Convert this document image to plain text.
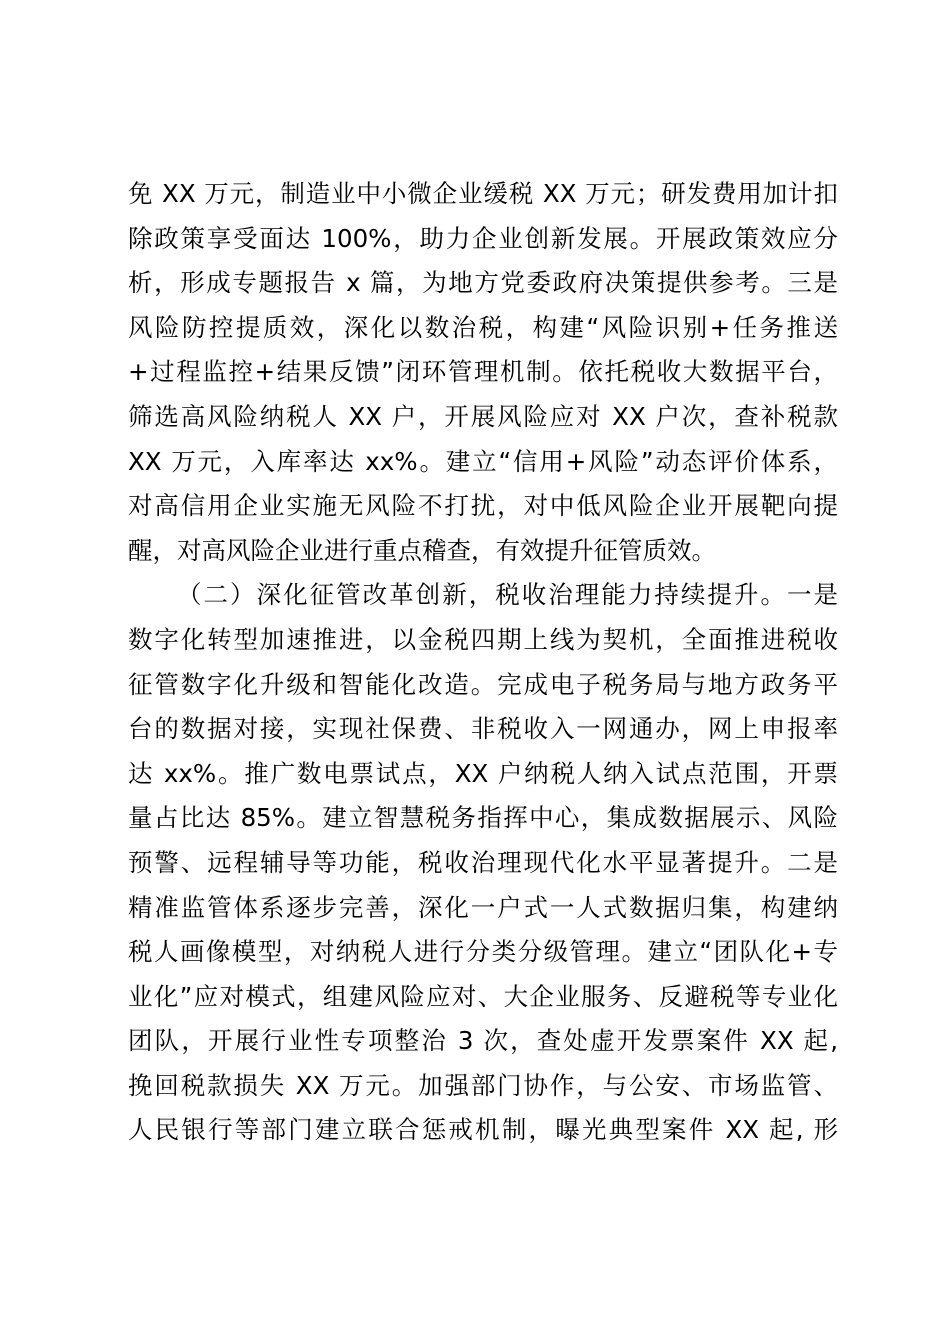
免 XX 万元，制造业中小微企业缓税 XX 万元；研发费用加计扣
除政策享受面达 100%，助力企业创新发展。开展政策效应分
析，形成专题报告 x 篇，为地方党委政府决策提供参考。三是
风险防控提质效，深化以数治税，构建“风险识别+任务推送
+过程监控+结果反馈”闭环管理机制。依托税收大数据平台，
筛选高风险纳税人 XX 户，开展风险应对 XX 户次，查补税款
XX 万元，入库率达 xx%。建立“信用+风险”动态评价体系，
对高信用企业实施无风险不打扰，对中低风险企业开展靶向提
醒，对高风险企业进行重点稽查，有效提升征管质效。
（二）深化征管改革创新，税收治理能力持续提升。一是
数字化转型加速推进，以金税四期上线为契机，全面推进税收
征管数字化升级和智能化改造。完成电子税务局与地方政务平
台的数据对接，实现社保费、非税收入一网通办，网上申报率
达 xx%。推广数电票试点，XX 户纳税人纳入试点范围，开票
量占比达 85%。建立智慧税务指挥中心，集成数据展示、风险
预警、远程辅导等功能，税收治理现代化水平显著提升。二是
精准监管体系逐步完善，深化一户式一人式数据归集，构建纳
税人画像模型，对纳税人进行分类分级管理。建立“团队化+专
业化”应对模式，组建风险应对、大企业服务、反避税等专业化
团队，开展行业性专项整治 3 次，查处虚开发票案件 XX 起,
挽回税款损失 XX 万元。加强部门协作，与公安、市场监管、
人民银行等部门建立联合惩戒机制，曝光典型案件 XX 起, 形
